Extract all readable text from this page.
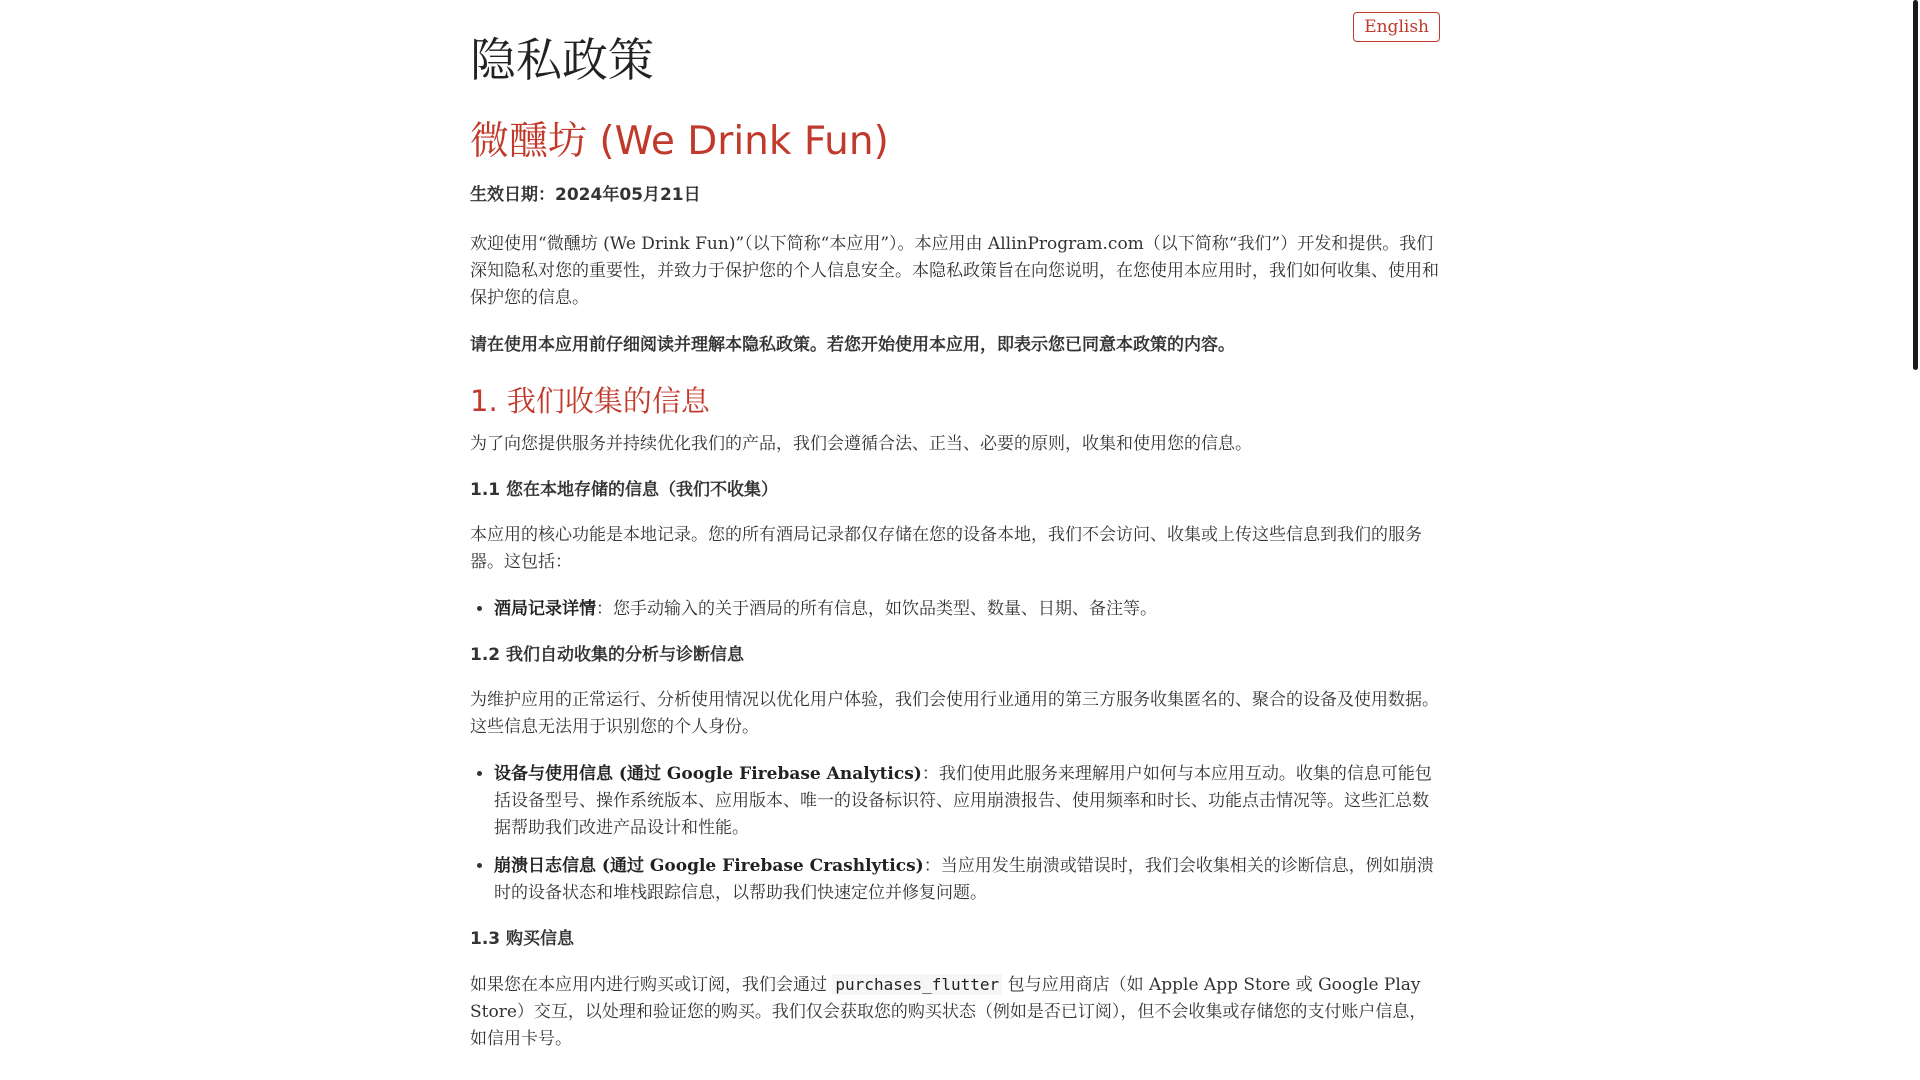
English
隐私政策
微醺坊 (We Drink Fun)

生效日期：2024年05月21日

欢迎使用“微醺坊 (We Drink Fun)”（以下简称“本应用”）。本应用由 AllinProgram.com（以下简称“我们”）开发和提供。我们深知隐私对您的重要性，并致力于保护您的个人信息安全。本隐私政策旨在向您说明，在您使用本应用时，我们如何收集、使用和保护您的信息。

请在使用本应用前仔细阅读并理解本隐私政策。若您开始使用本应用，即表示您已同意本政策的内容。

1. 我们收集的信息

为了向您提供服务并持续优化我们的产品，我们会遵循合法、正当、必要的原则，收集和使用您的信息。

1.1 您在本地存储的信息（我们不收集）

本应用的核心功能是本地记录。您的所有酒局记录都仅存储在您的设备本地，我们不会访问、收集或上传这些信息到我们的服务器。这包括：

• 酒局记录详情：您手动输入的关于酒局的所有信息，如饮品类型、数量、日期、备注等。
1.2 我们自动收集的分析与诊断信息

为维护应用的正常运行、分析使用情况以优化用户体验，我们会使用行业通用的第三方服务收集匿名的、聚合的设备及使用数据。这些信息无法用于识别您的个人身份。

• 设备与使用信息 (通过 Google Firebase Analytics)：我们使用此服务来理解用户如何与本应用互动。收集的信息可能包括设备型号、操作系统版本、应用版本、唯一的设备标识符、应用崩溃报告、使用频率和时长、功能点击情况等。这些汇总数据帮助我们改进产品设计和性能。
• 崩溃日志信息 (通过 Google Firebase Crashlytics)：当应用发生崩溃或错误时，我们会收集相关的诊断信息，例如崩溃时的设备状态和堆栈跟踪信息，以帮助我们快速定位并修复问题。
1.3 购买信息

如果您在本应用内进行购买或订阅，我们会通过 purchases_flutter 包与应用商店（如 Apple App Store 或 Google Play Store）交互，以处理和验证您的购买。我们仅会获取您的购买状态（例如是否已订阅），但不会收集或存储您的支付账户信息，如信用卡号。
